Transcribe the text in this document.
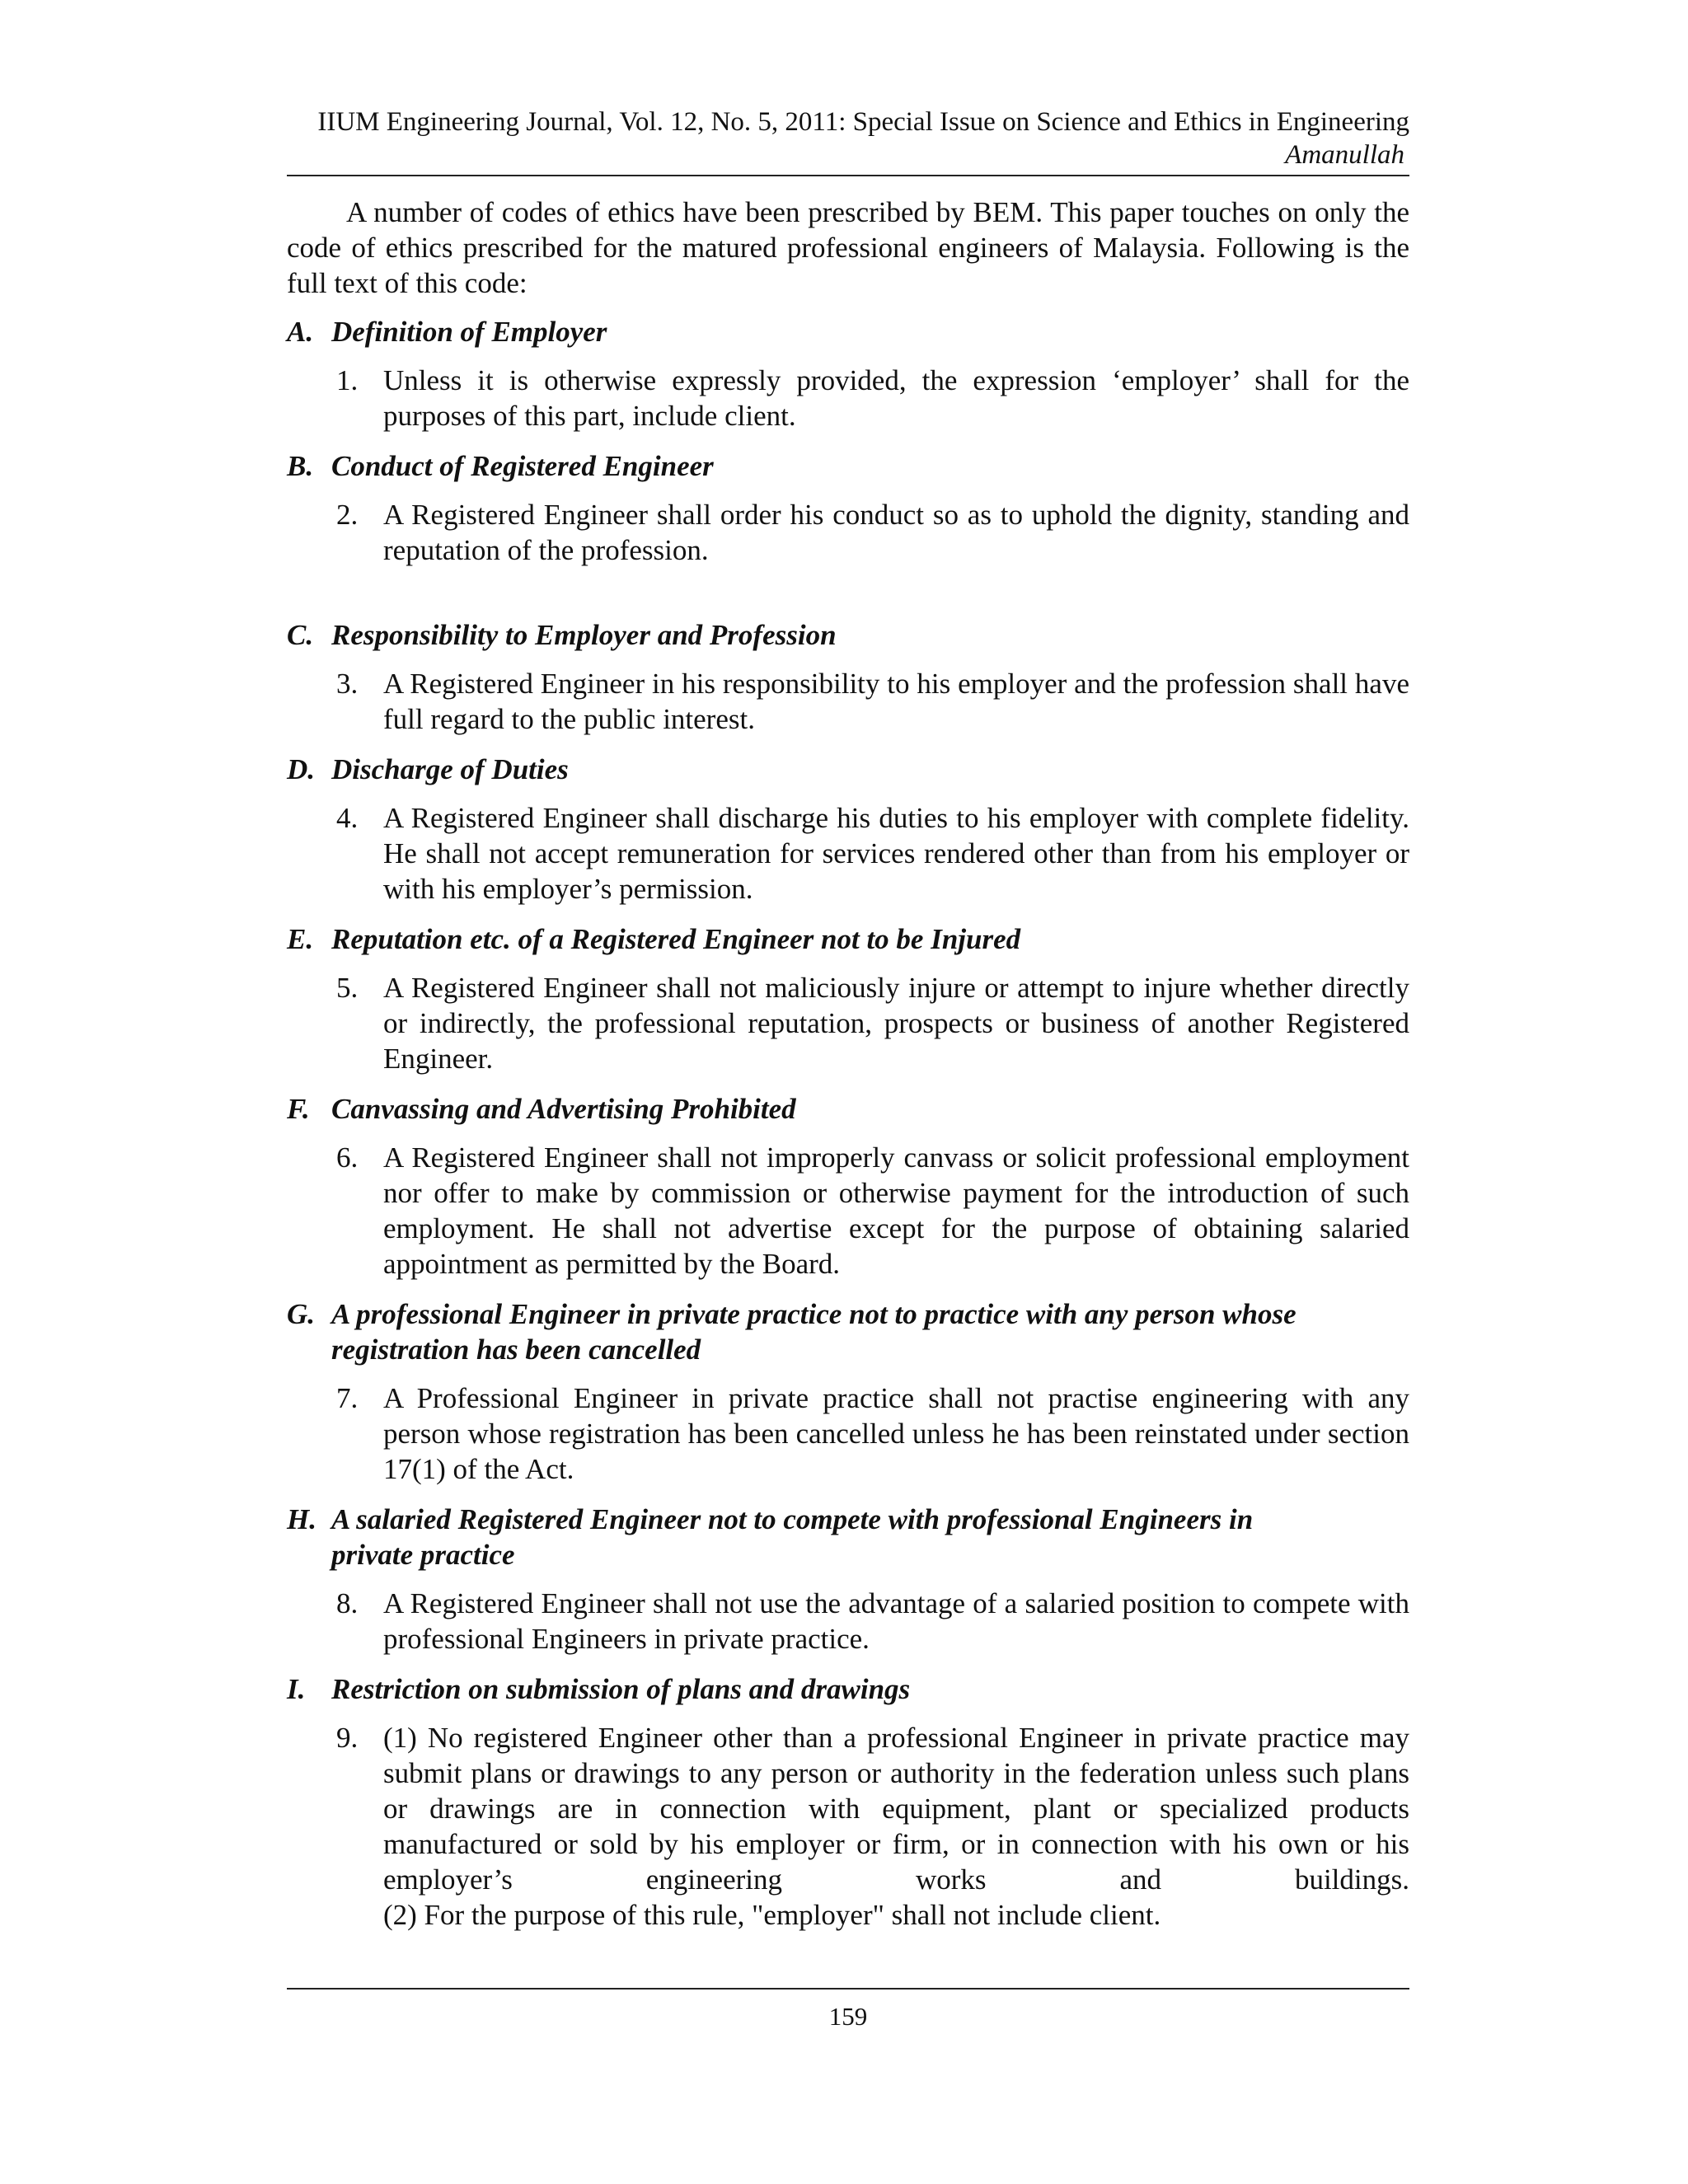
IIUM Engineering Journal, Vol. 12, No. 5, 2011: Special Issue on Science and Ethics in Engineering
Amanullah

A number of codes of ethics have been prescribed by BEM. This paper touches on only the code of ethics prescribed for the matured professional engineers of Malaysia. Following is the full text of this code:

A. Definition of Employer
1. Unless it is otherwise expressly provided, the expression ‘employer’ shall for the purposes of this part, include client.
B. Conduct of Registered Engineer
2. A Registered Engineer shall order his conduct so as to uphold the dignity, standing and reputation of the profession.
C. Responsibility to Employer and Profession
3. A Registered Engineer in his responsibility to his employer and the profession shall have full regard to the public interest.
D. Discharge of Duties
4. A Registered Engineer shall discharge his duties to his employer with complete fidelity. He shall not accept remuneration for services rendered other than from his employer or with his employer’s permission.
E. Reputation etc. of a Registered Engineer not to be Injured
5. A Registered Engineer shall not maliciously injure or attempt to injure whether directly or indirectly, the professional reputation, prospects or business of another Registered Engineer.
F. Canvassing and Advertising Prohibited
6. A Registered Engineer shall not improperly canvass or solicit professional employment nor offer to make by commission or otherwise payment for the introduction of such employment. He shall not advertise except for the purpose of obtaining salaried appointment as permitted by the Board.
G. A professional Engineer in private practice not to practice with any person whose registration has been cancelled
7. A Professional Engineer in private practice shall not practise engineering with any person whose registration has been cancelled unless he has been reinstated under section 17(1) of the Act.
H. A salaried Registered Engineer not to compete with professional Engineers in private practice
8. A Registered Engineer shall not use the advantage of a salaried position to compete with professional Engineers in private practice.
I. Restriction on submission of plans and drawings
9. (1) No registered Engineer other than a professional Engineer in private practice may submit plans or drawings to any person or authority in the federation unless such plans or drawings are in connection with equipment, plant or specialized products manufactured or sold by his employer or firm, or in connection with his own or his employer’s engineering works and buildings.
(2) For the purpose of this rule, "employer" shall not include client.
159
